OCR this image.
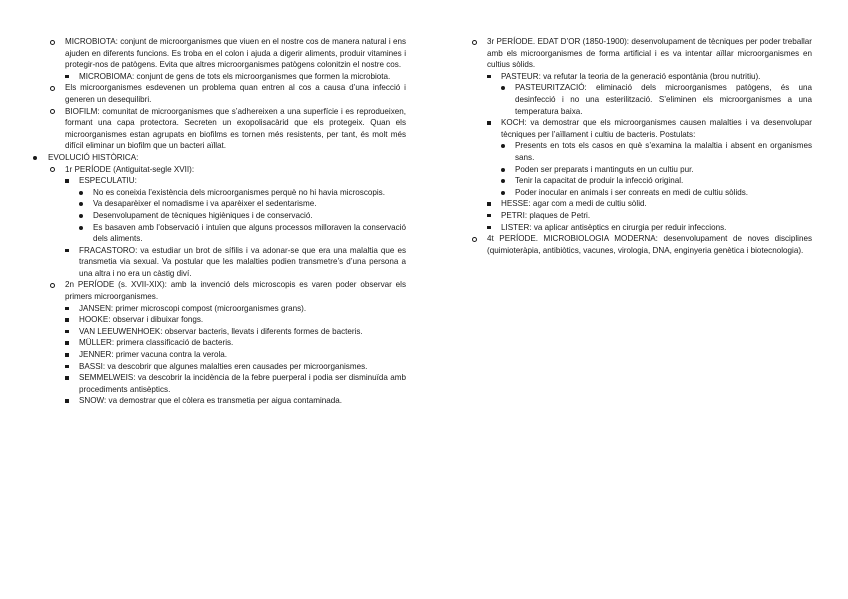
MICROBIOTA: conjunt de microorganismes que viuen en el nostre cos de manera natural i ens ajuden en diferents funcions. Es troba en el colon i ajuda a digerir aliments, produir vitamines i protegir-nos de patògens. Evita que altres microorganismes patògens colonitzin el nostre cos.
MICROBIOMA: conjunt de gens de tots els microorganismes que formen la microbiota.
Els microorganismes esdevenen un problema quan entren al cos a causa d’una infecció i generen un desequilibri.
BIOFILM: comunitat de microorganismes que s’adhereixen a una superfície i es reprodueixen, formant una capa protectora. Secreten un exopolisacàrid que els protegeix. Quan els microorganismes estan agrupats en biofilms es tornen més resistents, per tant, és molt més difícil eliminar un biofilm que un bacteri aïllat.
EVOLUCIÓ HISTÒRICA:
1r PERÍODE (Antiguitat-segle XVII):
ESPECULATIU:
No es coneixia l’existència dels microorganismes perquè no hi havia microscopis.
Va desaparèixer el nomadisme i va aparèixer el sedentarisme.
Desenvolupament de tècniques higièniques i de conservació.
Es basaven amb l’observació i intuïen que alguns processos milloraven la conservació dels aliments.
FRACASTORO: va estudiar un brot de sífilis i va adonar-se que era una malaltia que es transmetia via sexual. Va postular que les malalties podien transmetre’s d’una persona a una altra i no era un càstig diví.
2n PERÍODE (s. XVII-XIX): amb la invenció dels microscopis es varen poder observar els primers microorganismes.
JANSEN: primer microscopi compost (microorganismes grans).
HOOKE: observar i dibuixar fongs.
VAN LEEUWENHOEK: observar bacteris, llevats i diferents formes de bacteris.
MÜLLER: primera classificació de bacteris.
JENNER: primer vacuna contra la verola.
BASSI: va descobrir que algunes malalties eren causades per microorganismes.
SEMMELWEIS: va descobrir la incidència de la febre puerperal i podia ser disminuïda amb procediments antisèptics.
SNOW: va demostrar que el còlera es transmetia per aigua contaminada.
3r PERÍODE. EDAT D’OR (1850-1900): desenvolupament de tècniques per poder treballar amb els microorganismes de forma artificial i es va intentar aïllar microorganismes en cultius sòlids.
PASTEUR: va refutar la teoria de la generació espontània (brou nutritiu).
PASTEURITZACIÓ: eliminació dels microorganismes patògens, és una desinfecció i no una esterilització. S’eliminen els microorganismes a una temperatura baixa.
KOCH: va demostrar que els microorganismes causen malalties i va desenvolupar tècniques per l’aïllament i cultiu de bacteris. Postulats:
Presents en tots els casos en què s’examina la malaltia i absent en organismes sans.
Poden ser preparats i mantinguts en un cultiu pur.
Tenir la capacitat de produir la infecció original.
Poder inocular en animals i ser conreats en medi de cultiu sòlids.
HESSE: agar com a medi de cultiu sòlid.
PETRI: plaques de Petri.
LISTER: va aplicar antisèptics en cirurgia per reduir infeccions.
4t PERÍODE. MICROBIOLOGIA MODERNA: desenvolupament de noves disciplines (quimioteràpia, antibiòtics, vacunes, virologia, DNA, enginyeria genètica i biotecnologia).
